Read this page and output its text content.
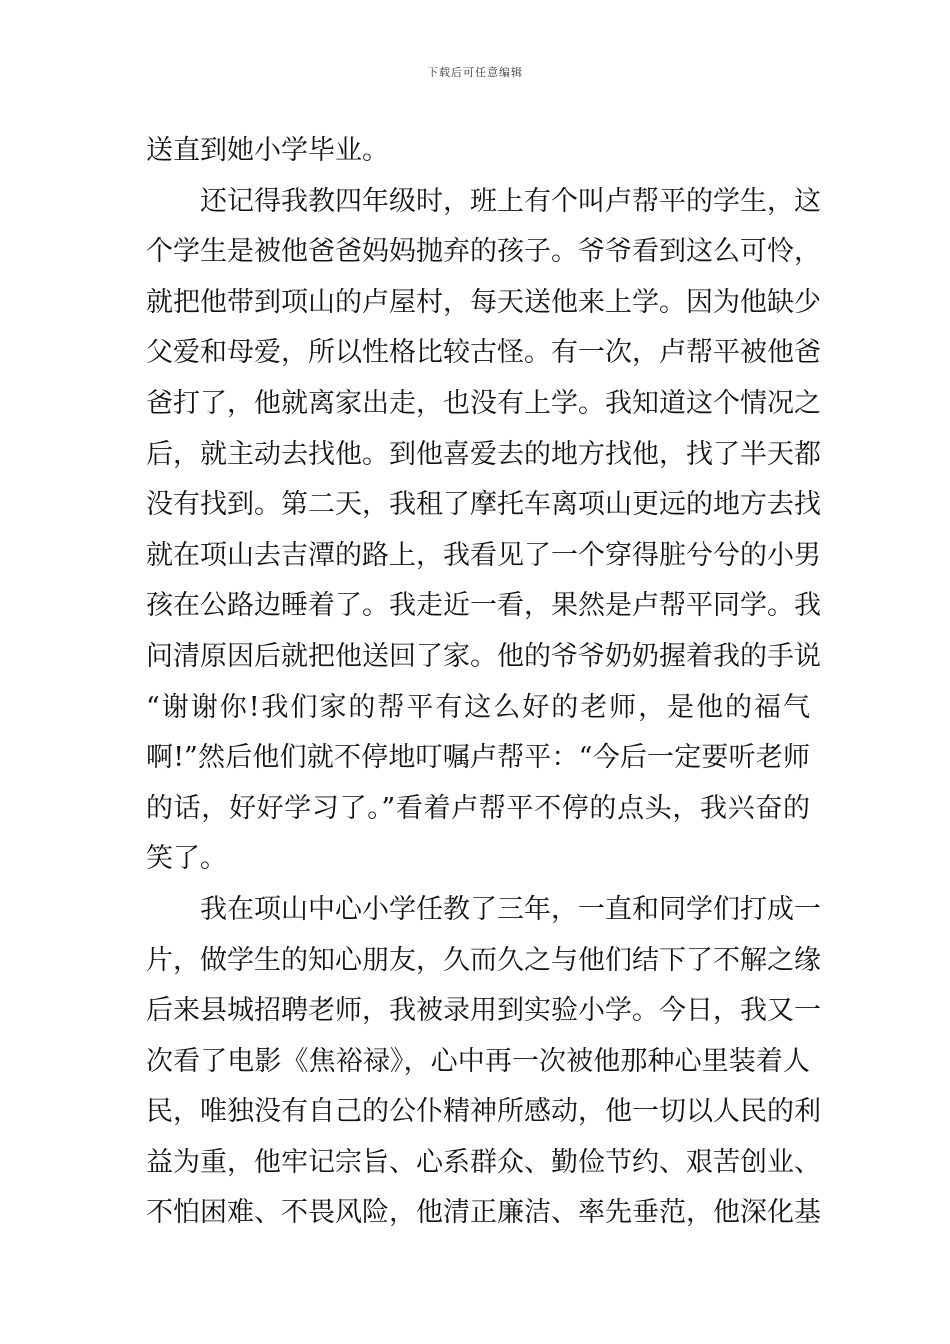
下载后可任意编辑
送直到她小学毕业。
还记得我教四年级时，班上有个叫卢帮平的学生，这
个学生是被他爸爸妈妈抛弃的孩子。爷爷看到这么可怜，
就把他带到项山的卢屋村，每天送他来上学。因为他缺少
父爱和母爱，所以性格比较古怪。有一次，卢帮平被他爸
爸打了，他就离家出走，也没有上学。我知道这个情况之
后，就主动去找他。到他喜爱去的地方找他，找了半天都
没有找到。第二天，我租了摩托车离项山更远的地方去找
就在项山去吉潭的路上，我看见了一个穿得脏兮兮的小男
孩在公路边睡着了。我走近一看，果然是卢帮平同学。我
问清原因后就把他送回了家。他的爷爷奶奶握着我的手说
“谢谢你!我们家的帮平有这么好的老师，是他的福气
啊!”然后他们就不停地叮嘱卢帮平：“今后一定要听老师
的话，好好学习了。”看着卢帮平不停的点头，我兴奋的
笑了。
我在项山中心小学任教了三年，一直和同学们打成一
片，做学生的知心朋友，久而久之与他们结下了不解之缘
后来县城招聘老师，我被录用到实验小学。今日，我又一
次看了电影《焦裕禄》，心中再一次被他那种心里装着人
民，唯独没有自己的公仆精神所感动，他一切以人民的利
益为重，他牢记宗旨、心系群众、勤俭节约、艰苦创业、
不怕困难、不畏风险，他清正廉洁、率先垂范，他深化基
